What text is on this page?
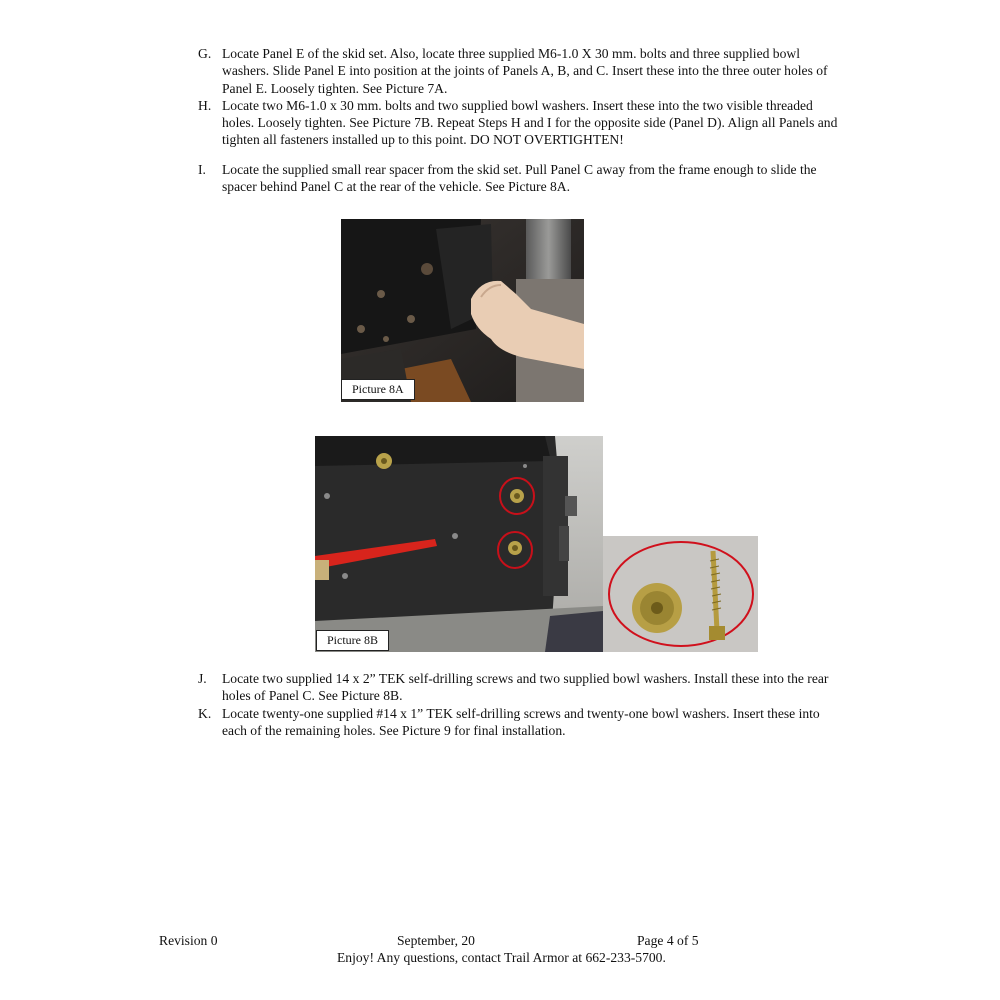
G. Locate Panel E of the skid set. Also, locate three supplied M6-1.0 X 30 mm. bolts and three supplied bowl washers. Slide Panel E into position at the joints of Panels A, B, and C. Insert these into the three outer holes of Panel E. Loosely tighten. See Picture 7A.
H. Locate two M6-1.0 x 30 mm. bolts and two supplied bowl washers. Insert these into the two visible threaded holes. Loosely tighten. See Picture 7B. Repeat Steps H and I for the opposite side (Panel D). Align all Panels and tighten all fasteners installed up to this point. DO NOT OVERTIGHTEN!
I.	Locate the supplied small rear spacer from the skid set. Pull Panel C away from the frame enough to slide the spacer behind Panel C at the rear of the vehicle. See Picture 8A.
Picture 8A
Picture 8B
J.	Locate two supplied 14 x 2” TEK self-drilling screws and two supplied bowl washers. Install these into the rear holes of Panel C. See Picture 8B.
K. Locate twenty-one supplied #14 x 1” TEK self-drilling screws and twenty-one bowl washers. Insert these into each of the remaining holes. See Picture 9 for final installation.
Revision 0	September, 20	Page 4 of 5
Enjoy! Any questions, contact Trail Armor at 662-233-5700.
